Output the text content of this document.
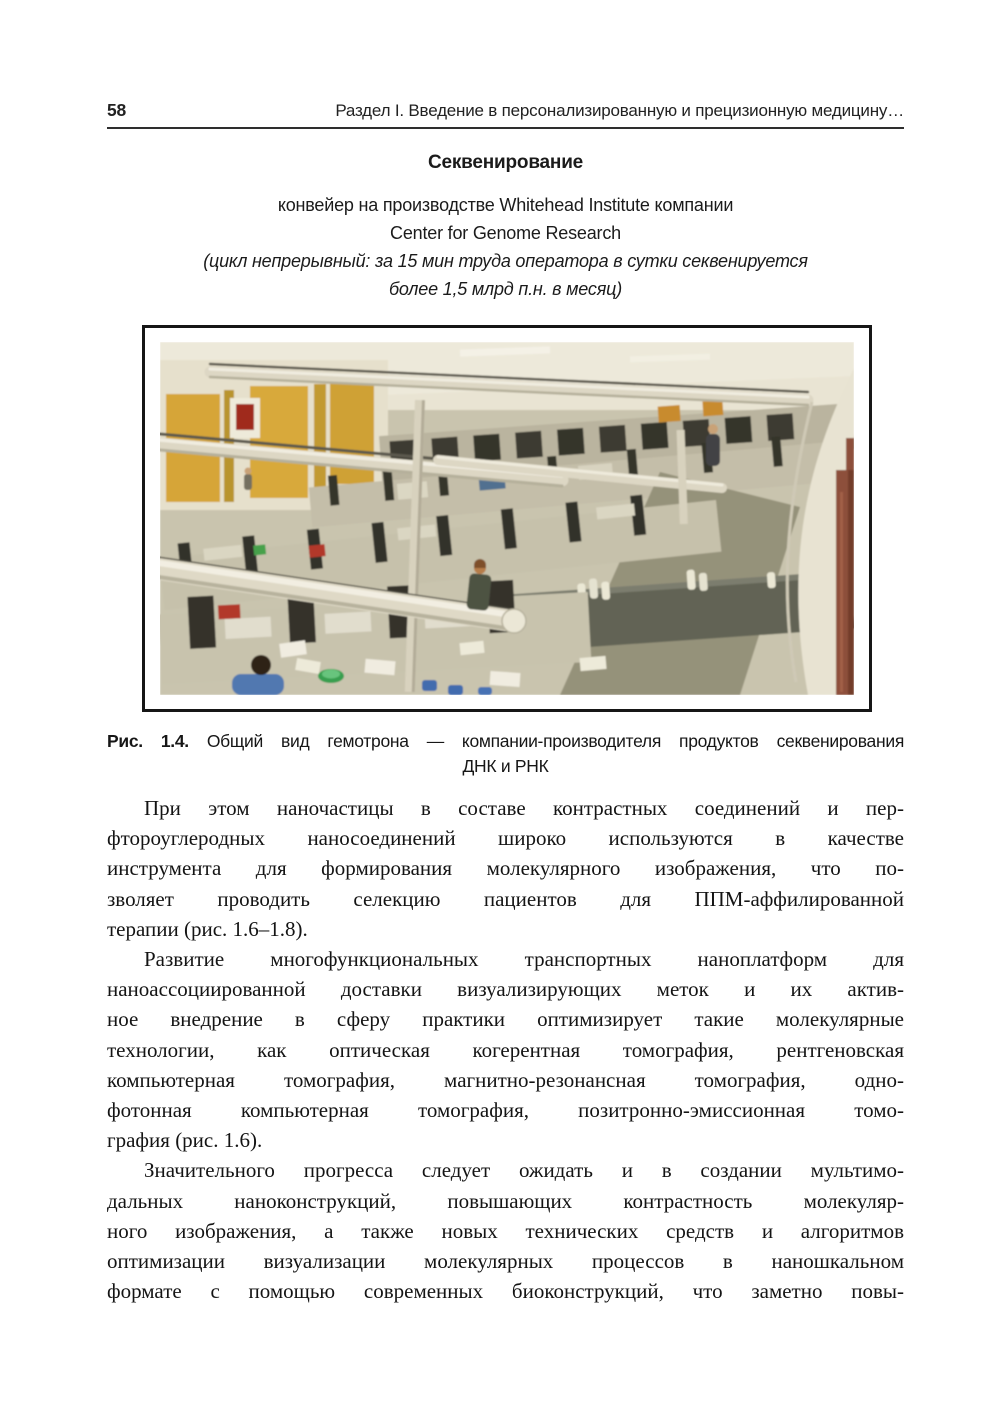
58	Раздел I. Введение в персонализированную и прецизионную медицину…
Секвенирование
конвейер на производстве Whitehead Institute компании
Center for Genome Research
(цикл непрерывный: за 15 мин труда оператора в сутки секвенируется
более 1,5 млрд п.н. в месяц)
Рис. 1.4. Общий вид гемотрона — компании-производителя продуктов секвенирования
ДНК и РНК
При этом наночастицы в составе контрастных соединений и пер-
фтороуглеродных наносоединений широко используются в качестве
инструмента для формирования молекулярного изображения, что по-
зволяет проводить селекцию пациентов для ППМ-аффилированной
терапии (рис. 1.6–1.8).
Развитие многофункциональных транспортных наноплатформ для
наноассоциированной доставки визуализирующих меток и их актив-
ное внедрение в сферу практики оптимизирует такие молекулярные
технологии, как оптическая когерентная томография, рентгеновская
компьютерная томография, магнитно-резонансная томография, одно-
фотонная компьютерная томография, позитронно-эмиссионная томо-
графия (рис. 1.6).
Значительного прогресса следует ожидать и в создании мультимо-
дальных наноконструкций, повышающих контрастность молекуляр-
ного изображения, а также новых технических средств и алгоритмов
оптимизации визуализации молекулярных процессов в наношкальном
формате с помощью современных биоконструкций, что заметно повы-
